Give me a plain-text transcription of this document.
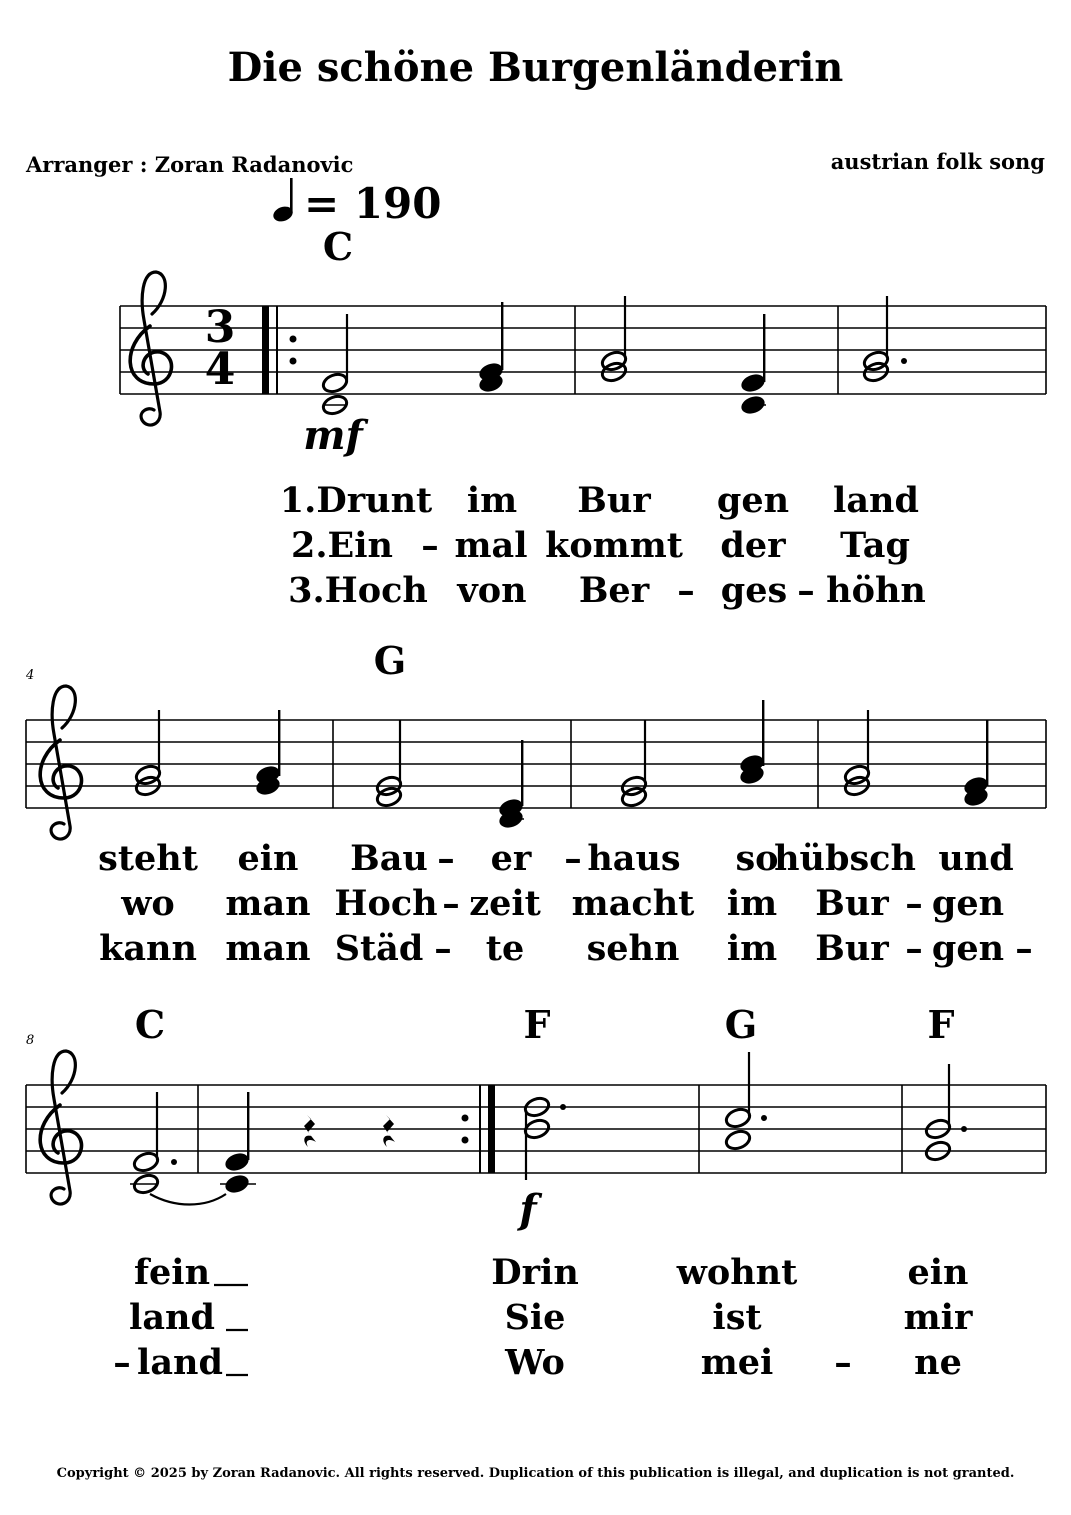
Die schöne Burgenländerin
Arranger : Zoran Radanovic	austrian folk song
= 190
C
G
C	F	G	F
mf
f
4
8
1.Drunt im Bur gen land
2.Ein – mal kommt der Tag
3.Hoch von Ber – ges – höhn
steht ein Bau – er – haus so
hübsch und
wo man Hoch – zeit macht im Bur – gen
kann man Städ – te sehn im Bur – gen –
fein	Drin	wohnt	ein
land	Sie	ist	mir
– land	Wo	mei – ne
Copyright © 2025 by Zoran Radanovic. All rights reserved. Duplication of this publication is illegal, and duplication is not granted.
3
4
